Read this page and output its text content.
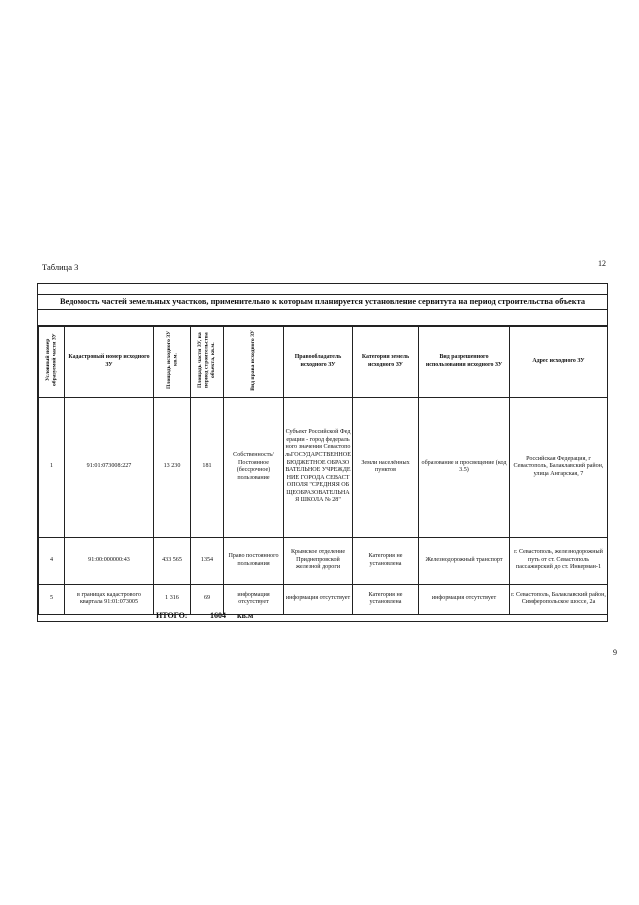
Таблица 3	12
9
Ведомость частей земельных участков, применительно к которым планируется установление сервитута на период строительства объекта
Условный номер образуемой части ЗУ	Кадастровый номер исходного ЗУ	Площадь исходного ЗУ кв.м.	Площадь части ЗУ, на период строительства объекта, кв.м.	Вид права исходного ЗУ	Правообладатель исходного ЗУ	Категория земель исходного ЗУ	Вид разрешенного использования исходного ЗУ	Адрес исходного ЗУ
1	91:01:073008:227	13 230	181	Собственность/Постоянное (бессрочное) пользование	Субъект Российской Федерации - город федерального значения СевастопольГОСУДАРСТВЕННОЕ БЮДЖЕТНОЕ ОБРАЗОВАТЕЛЬНОЕ УЧРЕЖДЕНИЕ ГОРОДА СЕВАСТОПОЛЯ "СРЕДНЯЯ ОБЩЕОБРАЗОВАТЕЛЬНАЯ ШКОЛА № 28"	Земли населённых пунктов	образование и просвещение (код 3.5)	Российская Федерация, г Севастополь, Балаклавский район, улица Ангарская, 7
4	91:00:000000:43	433 565	1354	Право постоянного пользования	Крымское отделение Приднепровской железной дороги	Категория не установлена	Железнодорожный транспорт	г. Севастополь, железнодорожный путь от ст. Севастополь пассажирский до ст. Инкерман-1
5	в границах кадастрового квартала 91:01:073005	1 316	69	информация отсутствует	информация отсутствует	Категория не установлена	информация отсутствует	г. Севастополь, Балаклавский район, Симферопольское шоссе, 2а
ИТОГО:	1604 кв.м
